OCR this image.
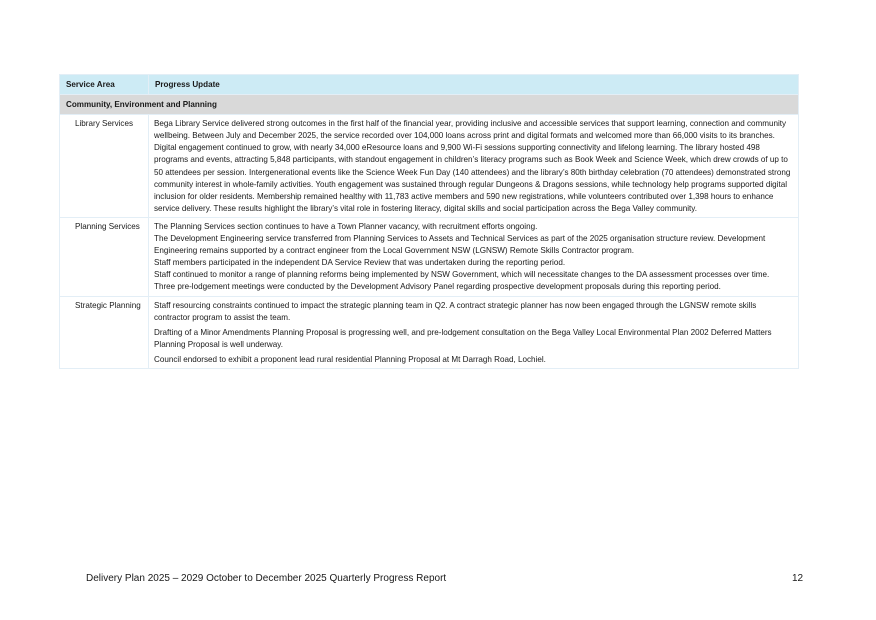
Service Area	Progress Update
Community, Environment and Planning	
Library Services	Bega Library Service delivered strong outcomes in the first half of the financial year, providing inclusive and accessible services that support learning, connection and community wellbeing. Between July and December 2025, the service recorded over 104,000 loans across print and digital formats and welcomed more than 66,000 visits to its branches. Digital engagement continued to grow, with nearly 34,000 eResource loans and 9,900 Wi-Fi sessions supporting connectivity and lifelong learning. The library hosted 498 programs and events, attracting 5,848 participants, with standout engagement in children’s literacy programs such as Book Week and Science Week, which drew crowds of up to 50 attendees per session. Intergenerational events like the Science Week Fun Day (140 attendees) and the library’s 80th birthday celebration (70 attendees) demonstrated strong community interest in whole-family activities. Youth engagement was sustained through regular Dungeons & Dragons sessions, while technology help programs supported digital inclusion for older residents. Membership remained healthy with 11,783 active members and 590 new registrations, while volunteers contributed over 1,398 hours to enhance service delivery. These results highlight the library’s vital role in fostering literacy, digital skills and social participation across the Bega Valley community.

Planning Services	The Planning Services section continues to have a Town Planner vacancy, with recruitment efforts ongoing.

The Development Engineering service transferred from Planning Services to Assets and Technical Services as part of the 2025 organisation structure review. Development Engineering remains supported by a contract engineer from the Local Government NSW (LGNSW) Remote Skills Contractor program.

Staff members participated in the independent DA Service Review that was undertaken during the reporting period.

Staff continued to monitor a range of planning reforms being implemented by NSW Government, which will necessitate changes to the DA assessment processes over time.

Three pre-lodgement meetings were conducted by the Development Advisory Panel regarding prospective development proposals during this reporting period.

Strategic Planning	Staff resourcing constraints continued to impact the strategic planning team in Q2. A contract strategic planner has now been engaged through the LGNSW remote skills contractor program to assist the team.

Drafting of a Minor Amendments Planning Proposal is progressing well, and pre-lodgement consultation on the Bega Valley Local Environmental Plan 2002 Deferred Matters Planning Proposal is well underway.

Council endorsed to exhibit a proponent lead rural residential Planning Proposal at Mt Darragh Road, Lochiel.

Delivery Plan 2025 – 2029 October to December 2025 Quarterly Progress Report	12
